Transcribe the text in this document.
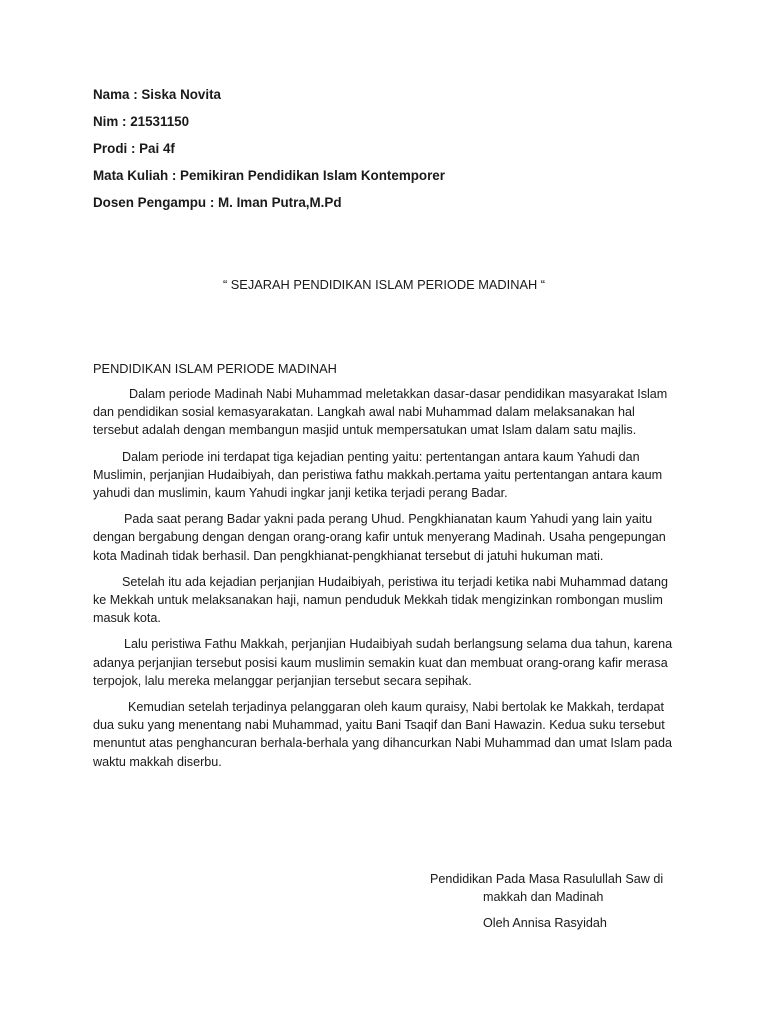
Nama : Siska Novita
Nim : 21531150
Prodi : Pai 4f
Mata Kuliah : Pemikiran Pendidikan Islam Kontemporer
Dosen Pengampu : M. Iman Putra,M.Pd
“ SEJARAH PENDIDIKAN ISLAM PERIODE MADINAH “
PENDIDIKAN ISLAM PERIODE MADINAH

Dalam periode Madinah Nabi Muhammad meletakkan dasar-dasar pendidikan masyarakat Islam dan pendidikan sosial kemasyarakatan. Langkah awal nabi Muhammad dalam melaksanakan hal tersebut adalah dengan membangun masjid untuk mempersatukan umat Islam dalam satu majlis.

Dalam periode ini terdapat tiga kejadian penting yaitu: pertentangan antara kaum Yahudi dan Muslimin, perjanjian Hudaibiyah, dan peristiwa fathu makkah.pertama yaitu pertentangan antara kaum yahudi dan muslimin, kaum Yahudi ingkar janji ketika terjadi perang Badar.

Pada saat perang Badar yakni pada perang Uhud. Pengkhianatan kaum Yahudi yang lain yaitu dengan bergabung dengan dengan orang-orang kafir untuk menyerang Madinah. Usaha pengepungan kota Madinah tidak berhasil. Dan pengkhianat-pengkhianat tersebut di jatuhi hukuman mati.

Setelah itu ada kejadian perjanjian Hudaibiyah, peristiwa itu terjadi ketika nabi Muhammad datang ke Mekkah untuk melaksanakan haji, namun penduduk Mekkah tidak mengizinkan rombongan muslim masuk kota.

Lalu peristiwa Fathu Makkah, perjanjian Hudaibiyah sudah berlangsung selama dua tahun, karena adanya perjanjian tersebut posisi kaum muslimin semakin kuat dan membuat orang-orang kafir merasa terpojok, lalu mereka melanggar perjanjian tersebut secara sepihak.

Kemudian setelah terjadinya pelanggaran oleh kaum quraisy, Nabi bertolak ke Makkah, terdapat dua suku yang menentang nabi Muhammad, yaitu Bani Tsaqif dan Bani Hawazin. Kedua suku tersebut menuntut atas penghancuran berhala-berhala yang dihancurkan Nabi Muhammad dan umat Islam pada waktu makkah diserbu.

Pendidikan Pada Masa Rasulullah Saw di
makkah dan Madinah
Oleh Annisa Rasyidah
